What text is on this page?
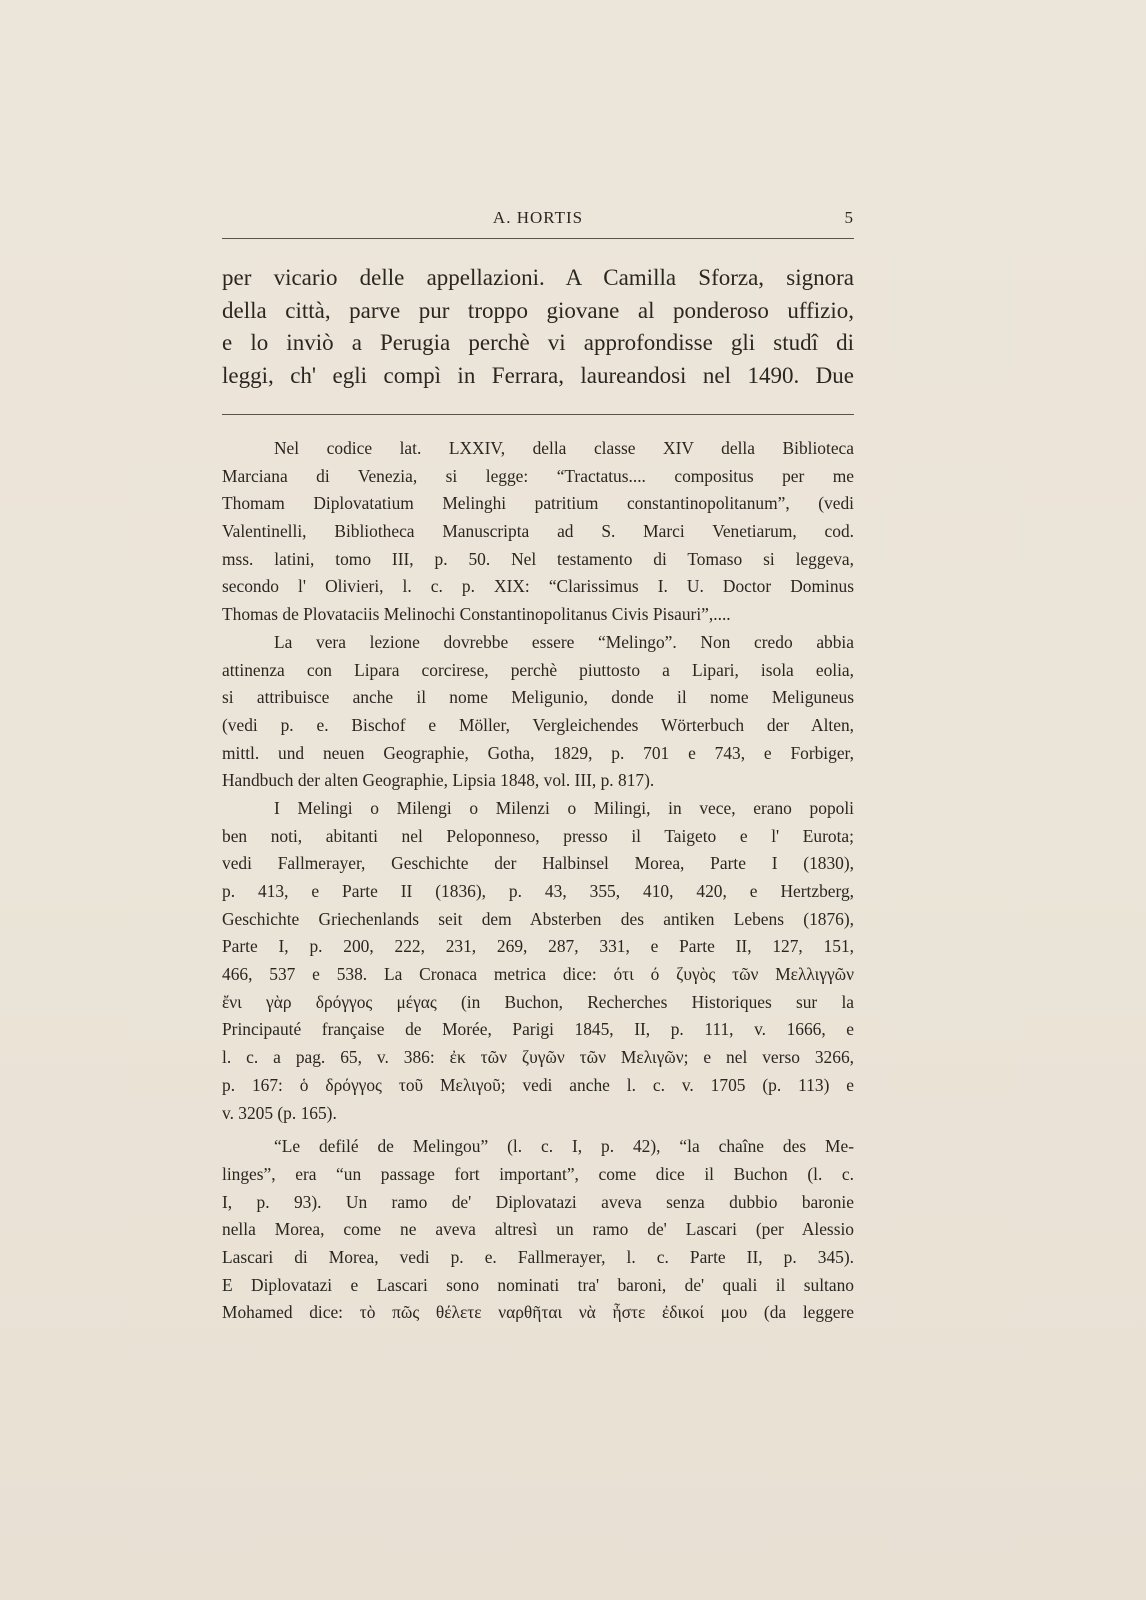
A. HORTIS	5
per vicario delle appellazioni. A Camilla Sforza, signora
della città, parve pur troppo giovane al ponderoso uffizio,
e lo inviò a Perugia perchè vi approfondisse gli studî di
leggi, ch' egli compì in Ferrara, laureandosi nel 1490. Due
Nel codice lat. LXXIV, della classe XIV della Biblioteca
Marciana di Venezia, si legge: “Tractatus.... compositus per me
Thomam Diplovatatium Melinghi patritium constantinopolitanum”, (vedi
Valentinelli, Bibliotheca Manuscripta ad S. Marci Venetiarum, cod.
mss. latini, tomo III, p. 50. Nel testamento di Tomaso si leggeva,
secondo l' Olivieri, l. c. p. XIX: “Clarissimus I. U. Doctor Dominus
Thomas de Plovataciis Melinochi Constantinopolitanus Civis Pisauri”,....
La vera lezione dovrebbe essere “Melingo”. Non credo abbia
attinenza con Lipara corcirese, perchè piuttosto a Lipari, isola eolia,
si attribuisce anche il nome Meligunio, donde il nome Meliguneus
(vedi p. e. Bischof e Möller, Vergleichendes Wörterbuch der Alten,
mittl. und neuen Geographie, Gotha, 1829, p. 701 e 743, e Forbiger,
Handbuch der alten Geographie, Lipsia 1848, vol. III, p. 817).
I Melingi o Milengi o Milenzi o Milingi, in vece, erano popoli
ben noti, abitanti nel Peloponneso, presso il Taigeto e l' Eurota;
vedi Fallmerayer, Geschichte der Halbinsel Morea, Parte I (1830),
p. 413, e Parte II (1836), p. 43, 355, 410, 420, e Hertzberg,
Geschichte Griechenlands seit dem Absterben des antiken Lebens (1876),
Parte I, p. 200, 222, 231, 269, 287, 331, e Parte II, 127, 151,
466, 537 e 538. La Cronaca metrica dice: ότι ό ζυγὸς τῶν Μελλιγγῶν
ἔνι γὰρ δρόγγος μέγας (in Buchon, Recherches Historiques sur la
Principauté française de Morée, Parigi 1845, II, p. 111, v. 1666, e
l. c. a pag. 65, v. 386: ἐκ τῶν ζυγῶν τῶν Μελιγῶν; e nel verso 3266,
p. 167: ὁ δρόγγος τοῦ Μελιγοῦ; vedi anche l. c. v. 1705 (p. 113) e
v. 3205 (p. 165).
“Le defilé de Melingou” (l. c. I, p. 42), “la chaîne des Me-
linges”, era “un passage fort important”, come dice il Buchon (l. c.
I, p. 93). Un ramo de' Diplovatazi aveva senza dubbio baronie
nella Morea, come ne aveva altresì un ramo de' Lascari (per Alessio
Lascari di Morea, vedi p. e. Fallmerayer, l. c. Parte II, p. 345).
E Diplovatazi e Lascari sono nominati tra' baroni, de' quali il sultano
Mohamed dice: τὸ πῶς θέλετε ναρθῆται νὰ ἦστε ἐδικοί μου (da leggere
